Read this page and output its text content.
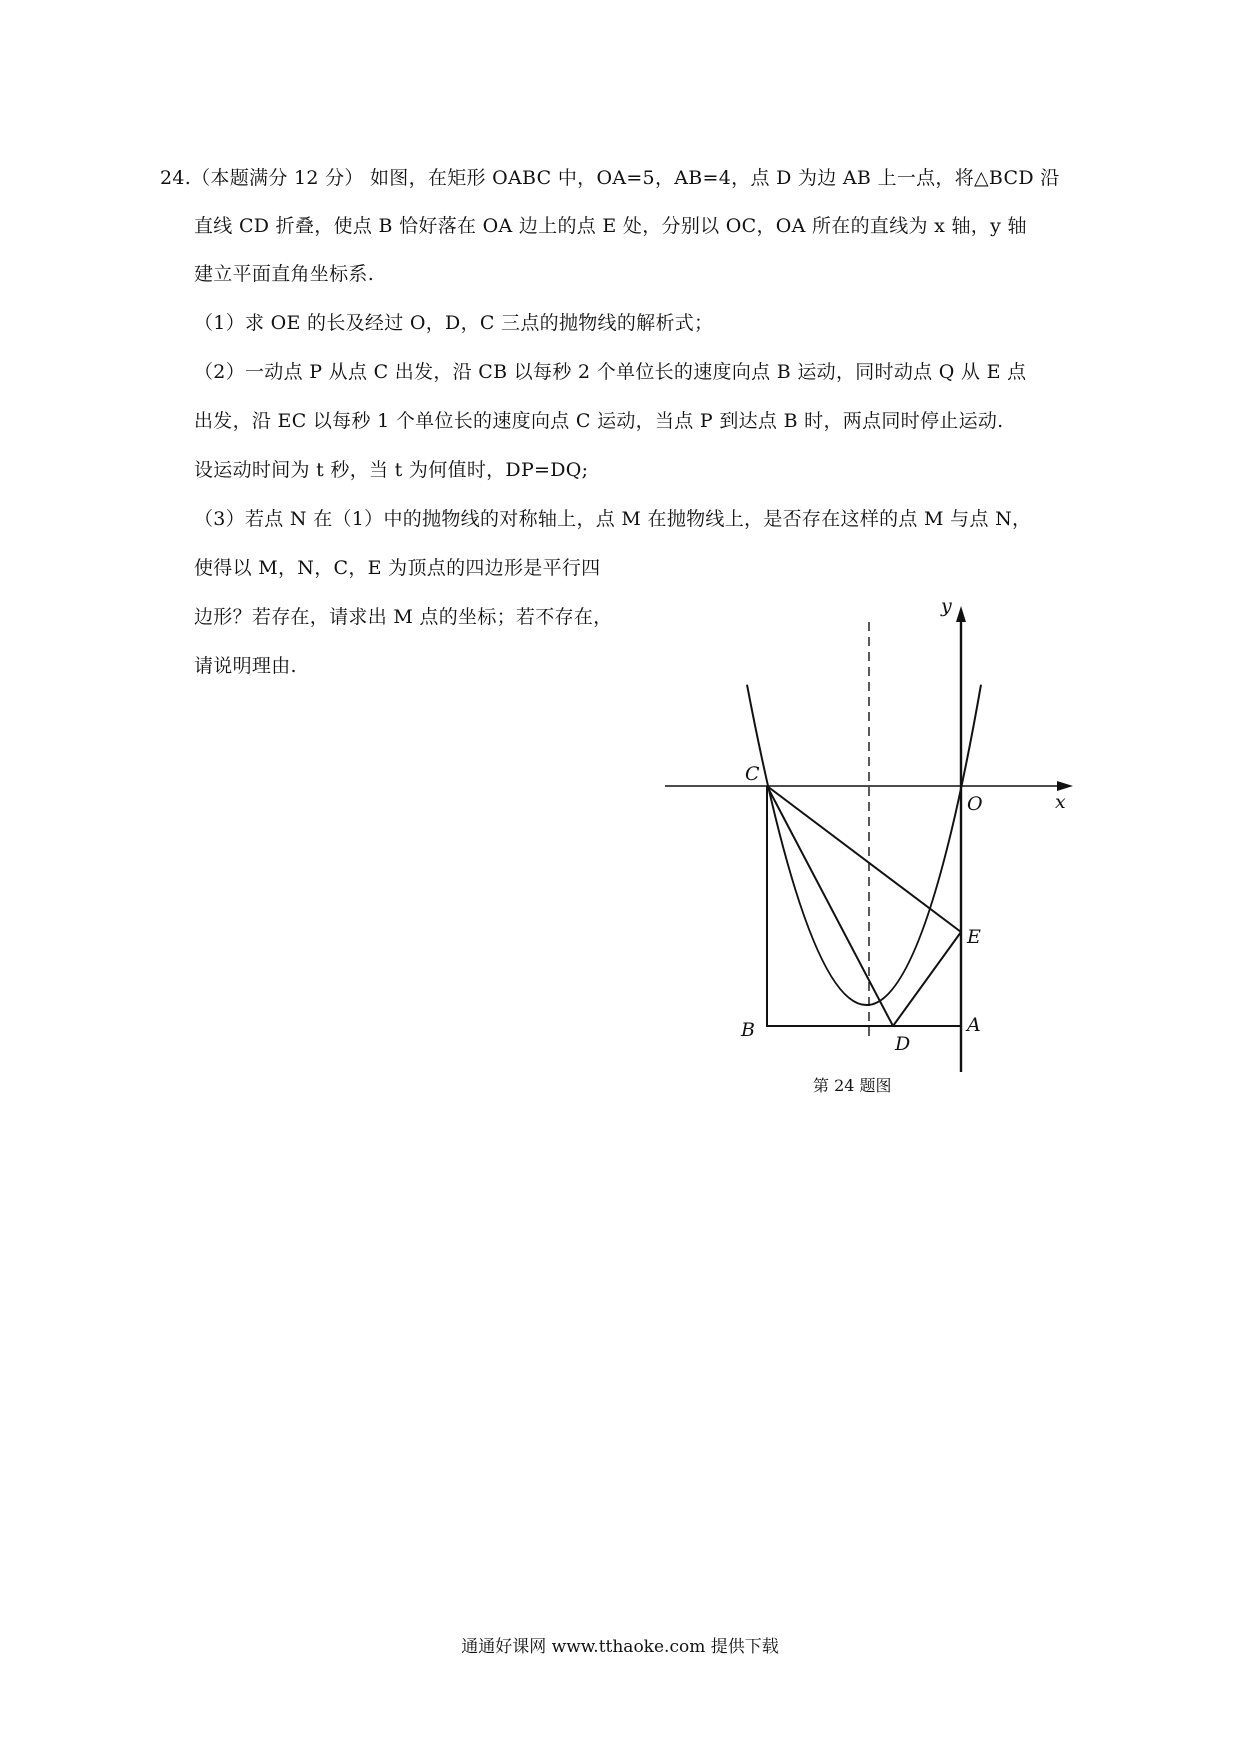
24.（本题满分 12 分） 如图，在矩形 OABC 中，OA=5，AB=4，点 D 为边 AB 上一点，将△BCD 沿
直线 CD 折叠，使点 B 恰好落在 OA 边上的点 E 处，分别以 OC，OA 所在的直线为 x 轴，y 轴
建立平面直角坐标系.
（1）求 OE 的长及经过 O，D，C 三点的抛物线的解析式；
（2）一动点 P 从点 C 出发，沿 CB 以每秒 2 个单位长的速度向点 B 运动，同时动点 Q 从 E 点
出发，沿 EC 以每秒 1 个单位长的速度向点 C 运动，当点 P 到达点 B 时，两点同时停止运动.
设运动时间为 t 秒，当 t 为何值时，DP=DQ;
（3）若点 N 在（1）中的抛物线的对称轴上，点 M 在抛物线上，是否存在这样的点 M 与点 N，
使得以 M，N，C，E 为顶点的四边形是平行四
边形？若存在，请求出 M 点的坐标；若不存在，
请说明理由.
y
x
C
O
E
A
B
D
第 24 题图
通通好课网 www.tthaoke.com 提供下载
